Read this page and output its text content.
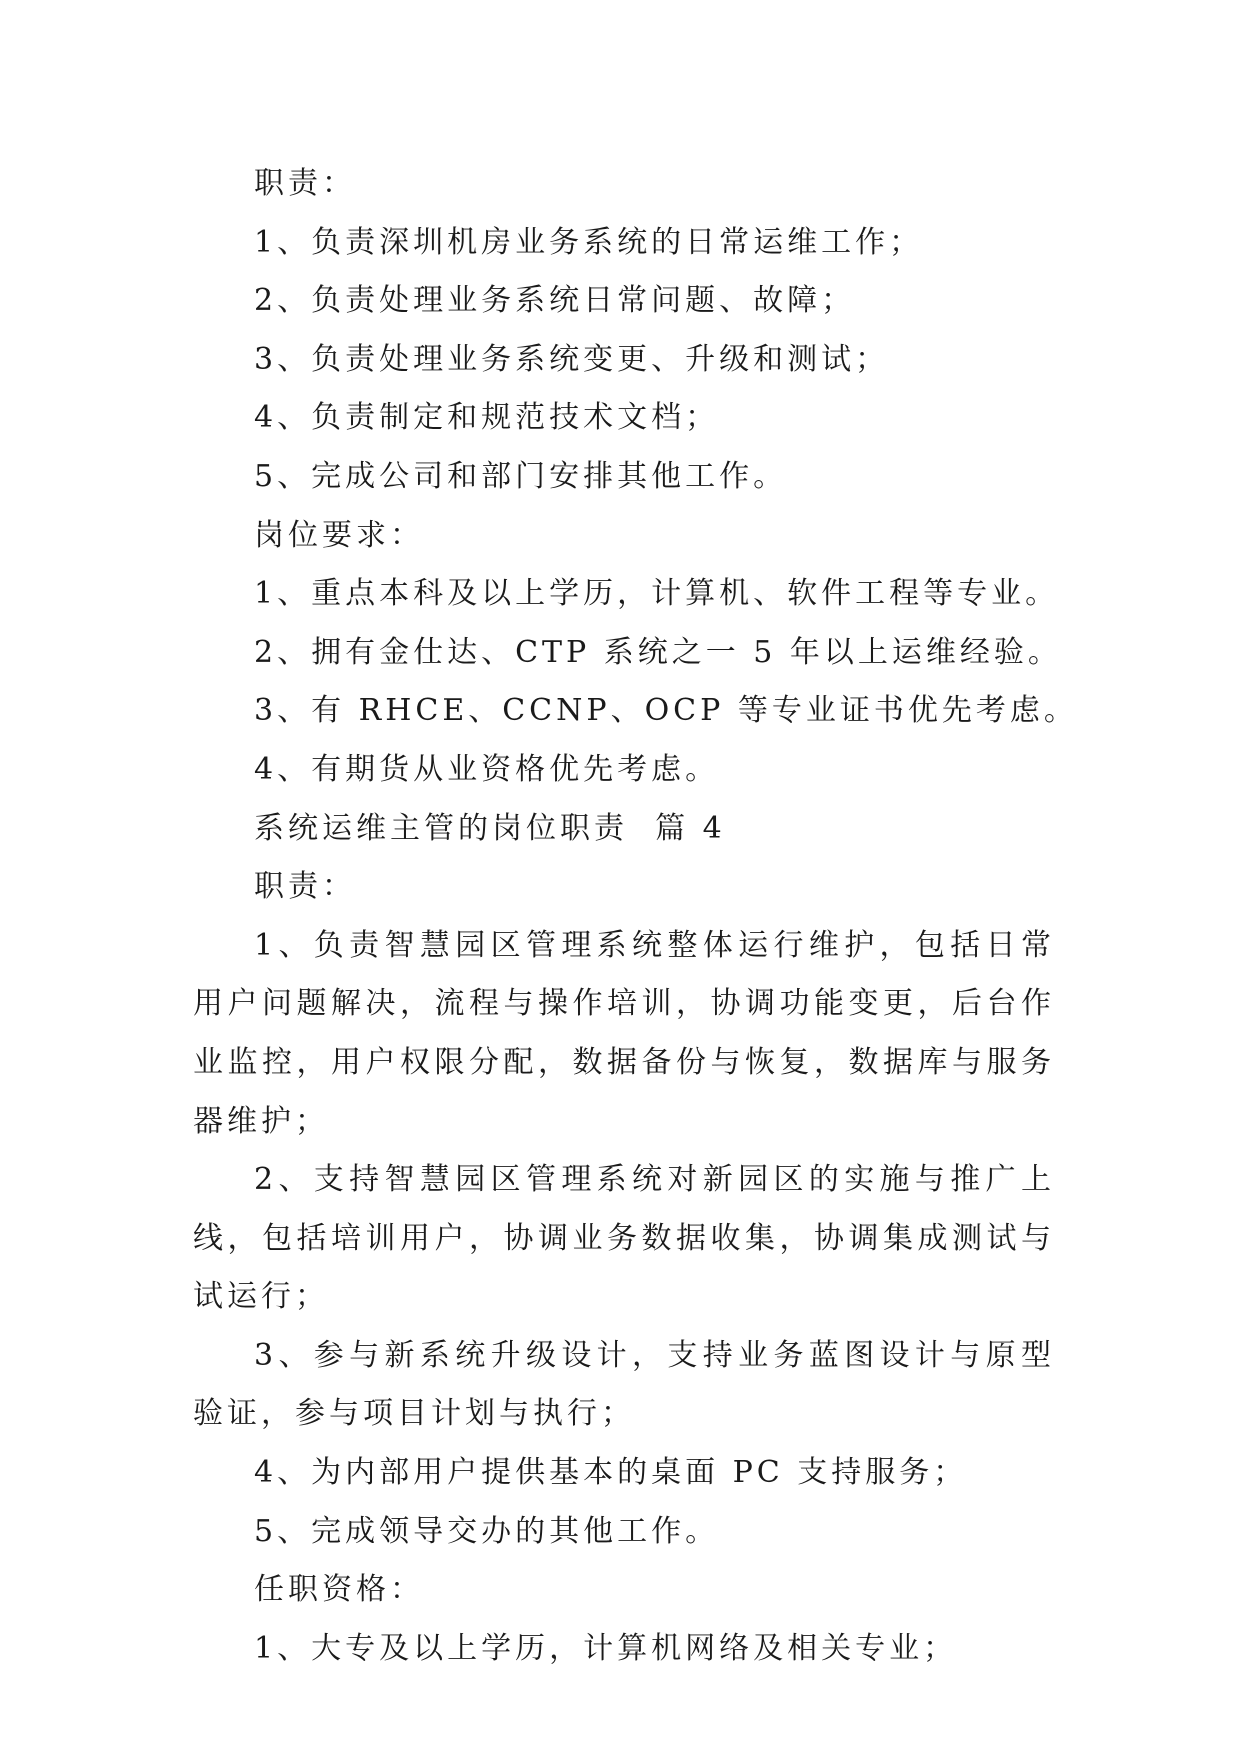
职责：

1、负责深圳机房业务系统的日常运维工作；

2、负责处理业务系统日常问题、故障；

3、负责处理业务系统变更、升级和测试；

4、负责制定和规范技术文档；

5、完成公司和部门安排其他工作。

岗位要求：

1、重点本科及以上学历，计算机、软件工程等专业。

2、拥有金仕达、CTP 系统之一 5 年以上运维经验。

3、有 RHCE、CCNP、OCP 等专业证书优先考虑。

4、有期货从业资格优先考虑。

系统运维主管的岗位职责  篇 4

职责：

1、负责智慧园区管理系统整体运行维护，包括日常用户问题解决，流程与操作培训，协调功能变更，后台作业监控，用户权限分配，数据备份与恢复，数据库与服务器维护；

2、支持智慧园区管理系统对新园区的实施与推广上线，包括培训用户，协调业务数据收集，协调集成测试与试运行；

3、参与新系统升级设计，支持业务蓝图设计与原型验证，参与项目计划与执行；

4、为内部用户提供基本的桌面 PC 支持服务；

5、完成领导交办的其他工作。

任职资格：

1、大专及以上学历，计算机网络及相关专业；
